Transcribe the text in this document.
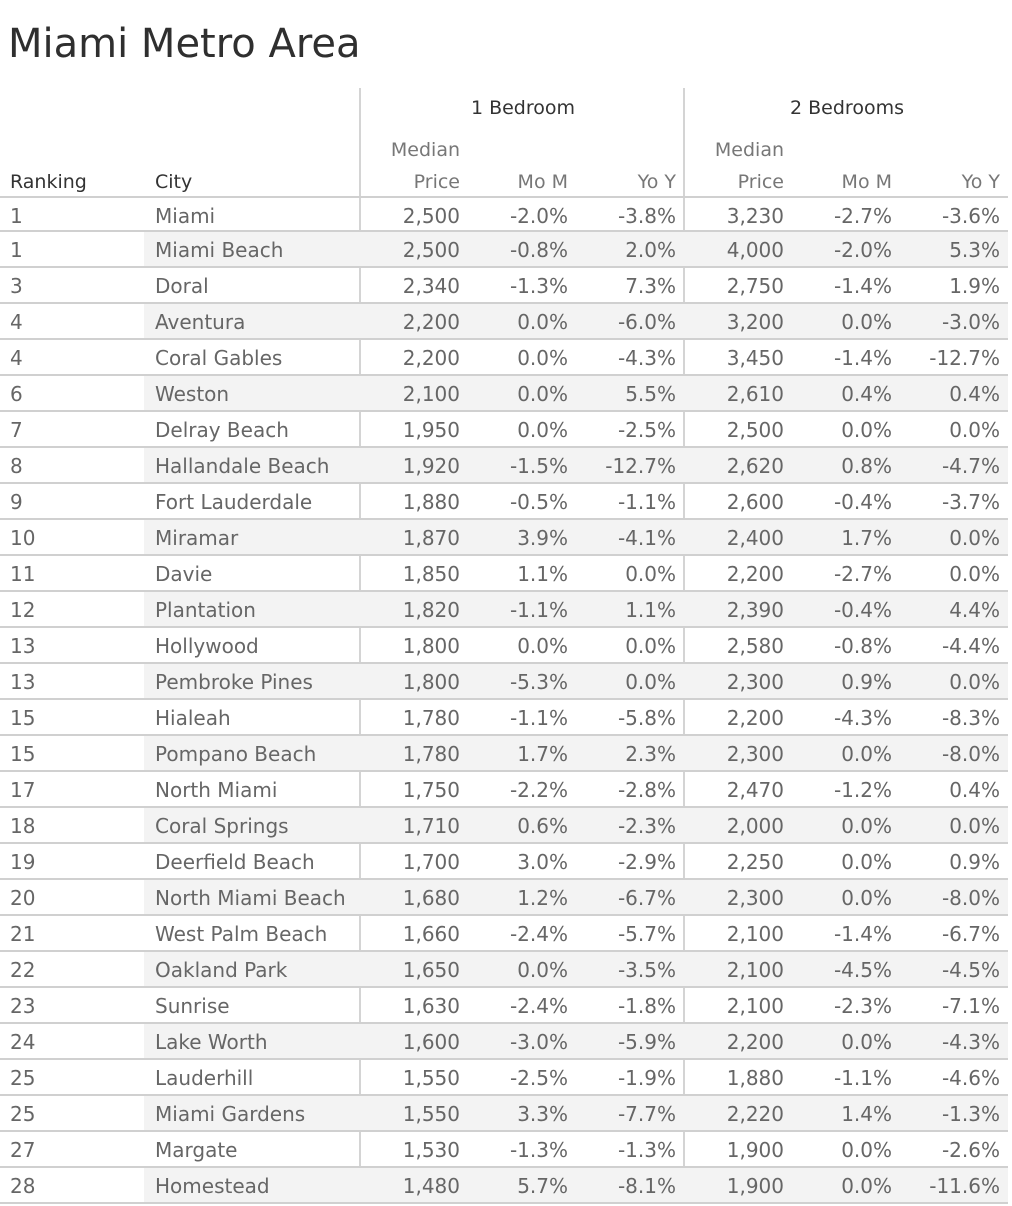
Miami Metro Area
1 Bedroom	2 Bedrooms
Ranking	City
Median
Price	Mo M	Yo Y
Median
Price	Mo M	Yo Y
1	Miami	2,500	-2.0%	-3.8%	3,230	-2.7%	-3.6%
1	Miami Beach	2,500	-0.8%	2.0%	4,000	-2.0%	5.3%
3	Doral	2,340	-1.3%	7.3%	2,750	-1.4%	1.9%
4	Aventura	2,200	0.0%	-6.0%	3,200	0.0%	-3.0%
4	Coral Gables	2,200	0.0%	-4.3%	3,450	-1.4%	-12.7%
6	Weston	2,100	0.0%	5.5%	2,610	0.4%	0.4%
7	Delray Beach	1,950	0.0%	-2.5%	2,500	0.0%	0.0%
8	Hallandale Beach	1,920	-1.5%	-12.7%	2,620	0.8%	-4.7%
9	Fort Lauderdale	1,880	-0.5%	-1.1%	2,600	-0.4%	-3.7%
10	Miramar	1,870	3.9%	-4.1%	2,400	1.7%	0.0%
11	Davie	1,850	1.1%	0.0%	2,200	-2.7%	0.0%
12	Plantation	1,820	-1.1%	1.1%	2,390	-0.4%	4.4%
13	Hollywood	1,800	0.0%	0.0%	2,580	-0.8%	-4.4%
13	Pembroke Pines	1,800	-5.3%	0.0%	2,300	0.9%	0.0%
15	Hialeah	1,780	-1.1%	-5.8%	2,200	-4.3%	-8.3%
15	Pompano Beach	1,780	1.7%	2.3%	2,300	0.0%	-8.0%
17	North Miami	1,750	-2.2%	-2.8%	2,470	-1.2%	0.4%
18	Coral Springs	1,710	0.6%	-2.3%	2,000	0.0%	0.0%
19	Deerfield Beach	1,700	3.0%	-2.9%	2,250	0.0%	0.9%
20	North Miami Beach	1,680	1.2%	-6.7%	2,300	0.0%	-8.0%
21	West Palm Beach	1,660	-2.4%	-5.7%	2,100	-1.4%	-6.7%
22	Oakland Park	1,650	0.0%	-3.5%	2,100	-4.5%	-4.5%
23	Sunrise	1,630	-2.4%	-1.8%	2,100	-2.3%	-7.1%
24	Lake Worth	1,600	-3.0%	-5.9%	2,200	0.0%	-4.3%
25	Lauderhill	1,550	-2.5%	-1.9%	1,880	-1.1%	-4.6%
25	Miami Gardens	1,550	3.3%	-7.7%	2,220	1.4%	-1.3%
27	Margate	1,530	-1.3%	-1.3%	1,900	0.0%	-2.6%
28	Homestead	1,480	5.7%	-8.1%	1,900	0.0%	-11.6%
